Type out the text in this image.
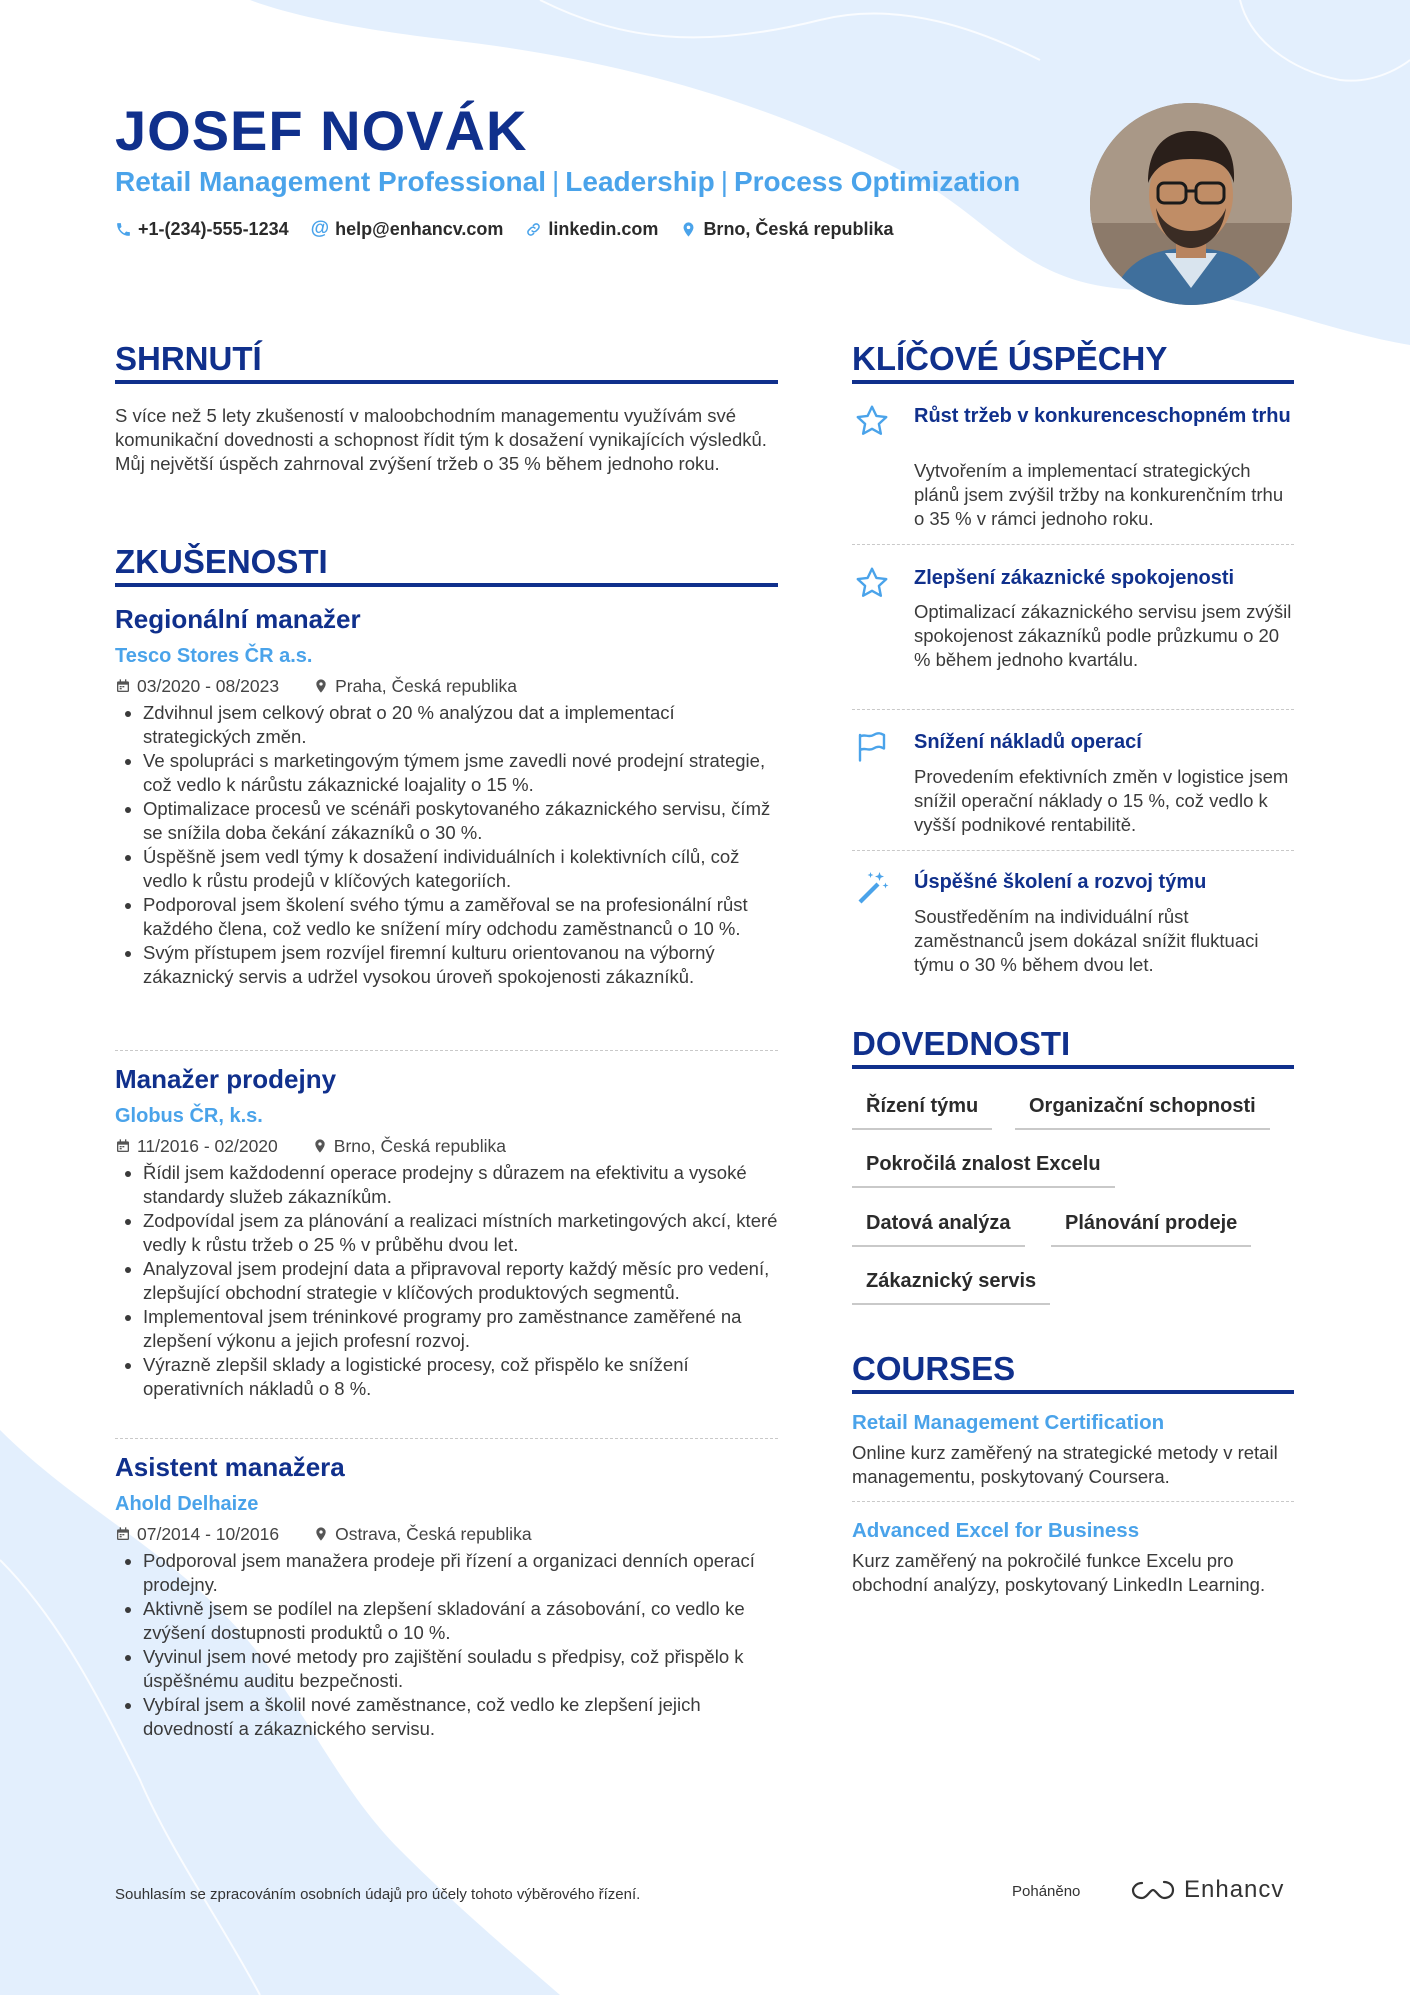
JOSEF NOVÁK
Retail Management Professional | Leadership | Process Optimization
+1-(234)-555-1234 @ help@enhancv.com	linkedin.com	Brno, Česká republika
SHRNUTÍ

S více než 5 lety zkušeností v maloobchodním managementu využívám své komunikační dovednosti a schopnost řídit tým k dosažení vynikajících výsledků. Můj největší úspěch zahrnoval zvýšení tržeb o 35 % během jednoho roku.

ZKUŠENOSTI
Regionální manažer
Tesco Stores ČR a.s.
03/2020 - 08/2023	Praha, Česká republika
Zdvihnul jsem celkový obrat o 20 % analýzou dat a implementací strategických změn.
Ve spolupráci s marketingovým týmem jsme zavedli nové prodejní strategie, což vedlo k nárůstu zákaznické loajality o 15 %.
Optimalizace procesů ve scénáři poskytovaného zákaznického servisu, čímž se snížila doba čekání zákazníků o 30 %.
Úspěšně jsem vedl týmy k dosažení individuálních i kolektivních cílů, což vedlo k růstu prodejů v klíčových kategoriích.
Podporoval jsem školení svého týmu a zaměřoval se na profesionální růst každého člena, což vedlo ke snížení míry odchodu zaměstnanců o 10 %.
Svým přístupem jsem rozvíjel firemní kulturu orientovanou na výborný zákaznický servis a udržel vysokou úroveň spokojenosti zákazníků.
Manažer prodejny
Globus ČR, k.s.
11/2016 - 02/2020	Brno, Česká republika
Řídil jsem každodenní operace prodejny s důrazem na efektivitu a vysoké standardy služeb zákazníkům.
Zodpovídal jsem za plánování a realizaci místních marketingových akcí, které vedly k růstu tržeb o 25 % v průběhu dvou let.
Analyzoval jsem prodejní data a připravoval reporty každý měsíc pro vedení, zlepšující obchodní strategie v klíčových produktových segmentů.
Implementoval jsem tréninkové programy pro zaměstnance zaměřené na zlepšení výkonu a jejich profesní rozvoj.
Výrazně zlepšil sklady a logistické procesy, což přispělo ke snížení operativních nákladů o 8 %.
Asistent manažera
Ahold Delhaize
07/2014 - 10/2016	Ostrava, Česká republika
Podporoval jsem manažera prodeje při řízení a organizaci denních operací prodejny.
Aktivně jsem se podílel na zlepšení skladování a zásobování, co vedlo ke zvýšení dostupnosti produktů o 10 %.
Vyvinul jsem nové metody pro zajištění souladu s předpisy, což přispělo k úspěšnému auditu bezpečnosti.
Vybíral jsem a školil nové zaměstnance, což vedlo ke zlepšení jejich dovedností a zákaznického servisu.
KLÍČOVÉ ÚSPĚCHY
Růst tržeb v konkurenceschopném trhu

Vytvořením a implementací strategických plánů jsem zvýšil tržby na konkurenčním trhu o 35 % v rámci jednoho roku.

Zlepšení zákaznické spokojenosti

Optimalizací zákaznického servisu jsem zvýšil spokojenost zákazníků podle průzkumu o 20 % během jednoho kvartálu.

Snížení nákladů operací

Provedením efektivních změn v logistice jsem snížil operační náklady o 15 %, což vedlo k vyšší podnikové rentabilitě.

Úspěšné školení a rozvoj týmu

Soustředěním na individuální růst zaměstnanců jsem dokázal snížit fluktuaci týmu o 30 % během dvou let.

DOVEDNOSTI
Řízení týmu	Organizační schopnosti
Pokročilá znalost Excelu
Datová analýza	Plánování prodeje
Zákaznický servis
COURSES
Retail Management Certification

Online kurz zaměřený na strategické metody v retail managementu, poskytovaný Coursera.

Advanced Excel for Business

Kurz zaměřený na pokročilé funkce Excelu pro obchodní analýzy, poskytovaný LinkedIn Learning.

Souhlasím se zpracováním osobních údajů pro účely tohoto výběrového řízení.	Poháněno	Enhancv
